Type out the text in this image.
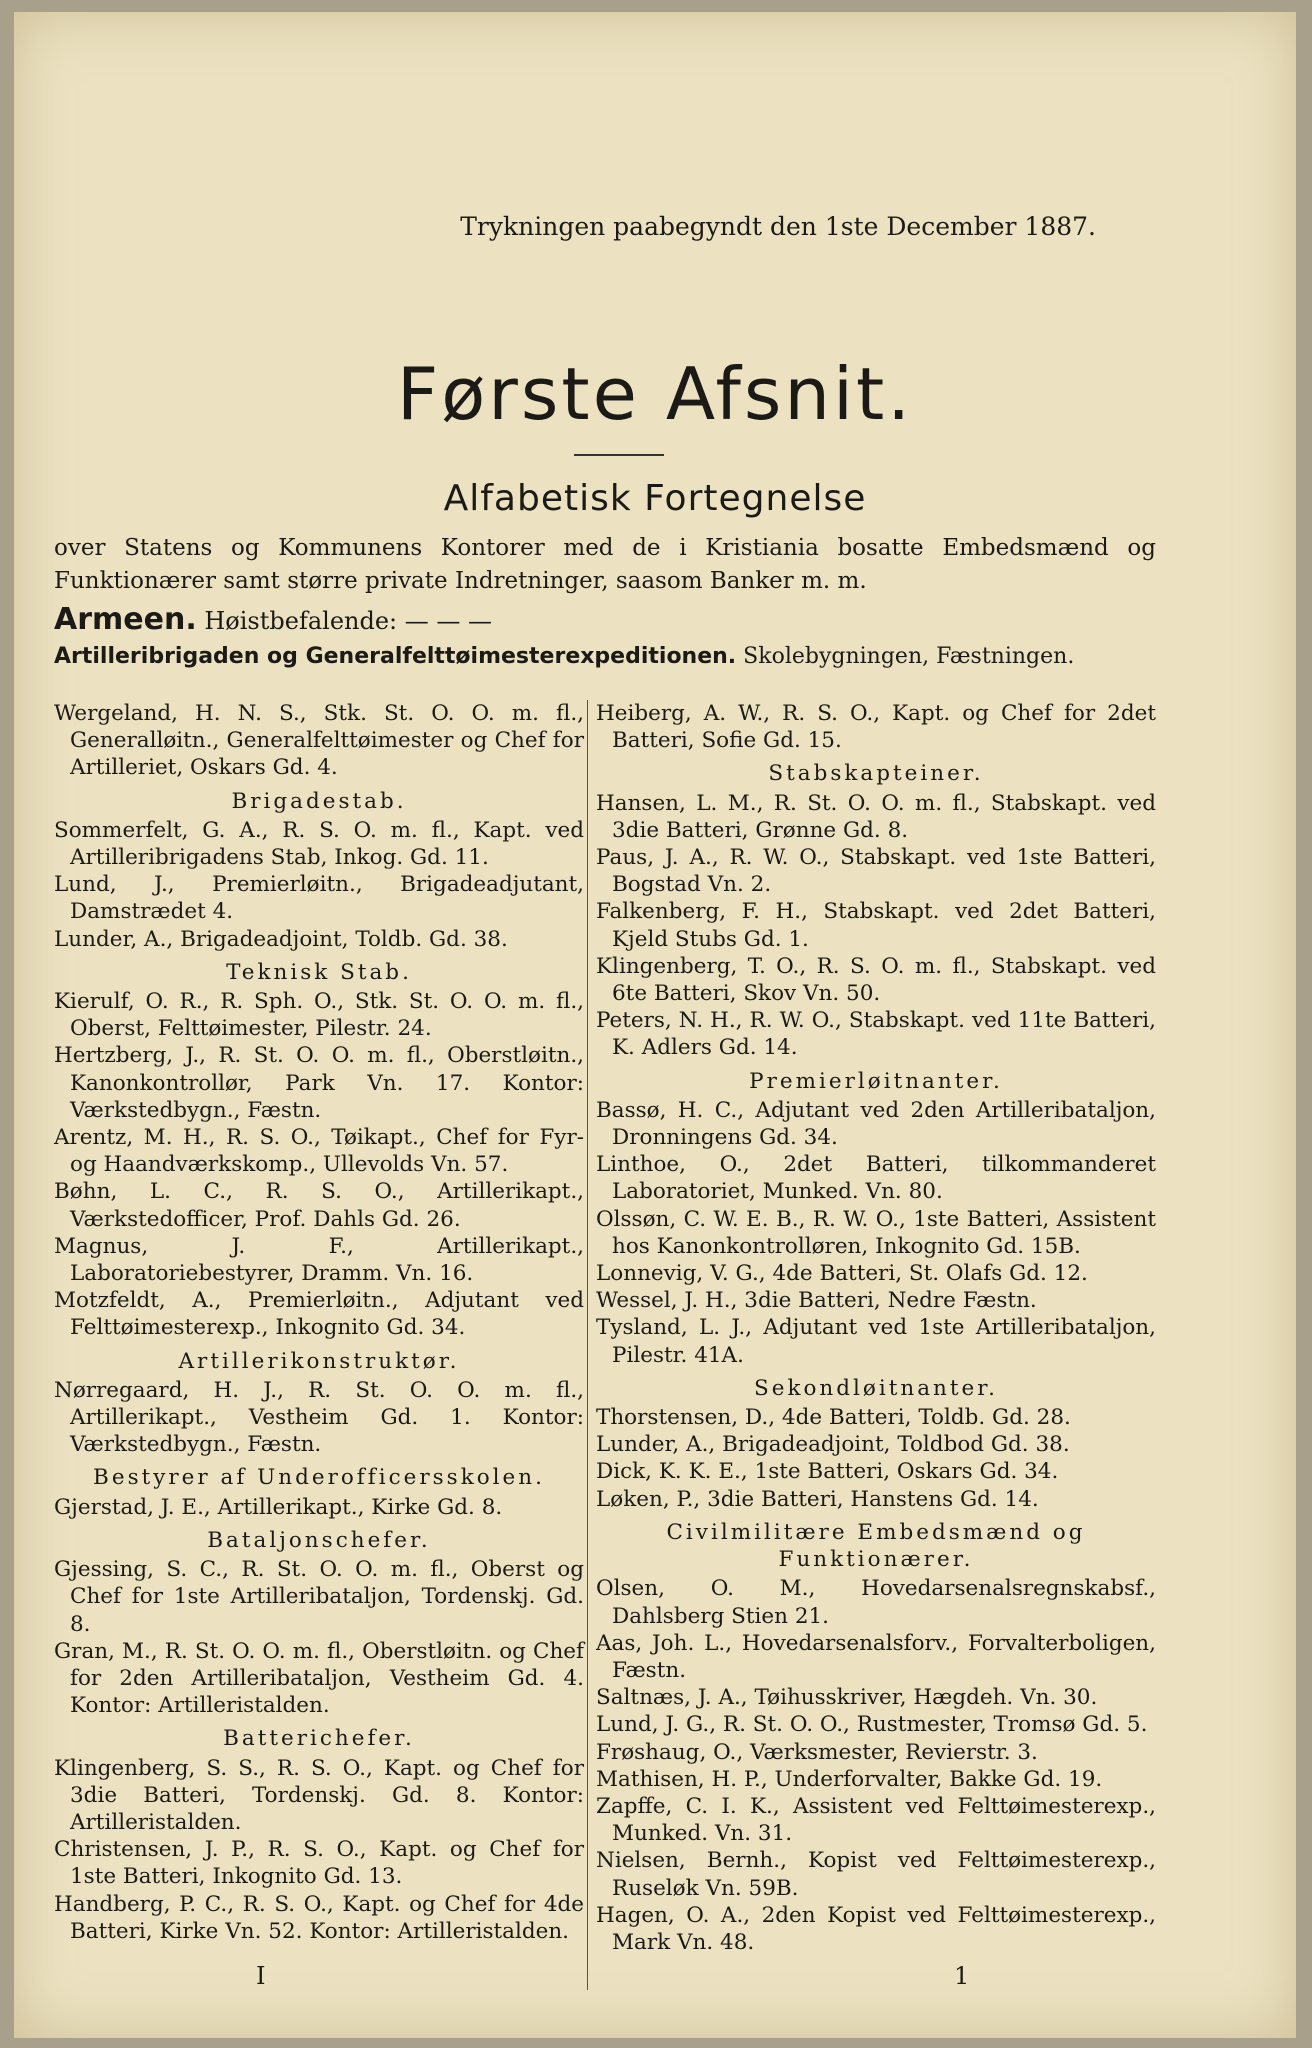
Trykningen paabegyndt den 1ste December 1887.
Første Afsnit.
Alfabetisk Fortegnelse
over Statens og Kommunens Kontorer med de i Kristiania bosatte Embedsmænd og Funktionærer samt større private Indretninger, saasom Banker m. m.
Armeen. Høistbefalende: — — —
Artilleribrigaden og Generalfelttøimesterexpeditionen. Skolebygningen, Fæstningen.

Wergeland, H. N. S., Stk. St. O. O. m. fl., Generalløitn., Generalfelttøimester og Chef for Artilleriet, Oskars Gd. 4.

Brigadestab.

Sommerfelt, G. A., R. S. O. m. fl., Kapt. ved Artilleribrigadens Stab, Inkog. Gd. 11.

Lund, J., Premierløitn., Brigadeadjutant, Damstrædet 4.

Lunder, A., Brigadeadjoint, Toldb. Gd. 38.

Teknisk Stab.

Kierulf, O. R., R. Sph. O., Stk. St. O. O. m. fl., Oberst, Felttøimester, Pilestr. 24.

Hertzberg, J., R. St. O. O. m. fl., Oberstløitn., Kanonkontrollør, Park Vn. 17. Kontor: Værkstedbygn., Fæstn.

Arentz, M. H., R. S. O., Tøikapt., Chef for Fyr- og Haandværkskomp., Ullevolds Vn. 57.

Bøhn, L. C., R. S. O., Artillerikapt., Værkstedofficer, Prof. Dahls Gd. 26.

Magnus, J. F., Artillerikapt., Laboratoriebestyrer, Dramm. Vn. 16.

Motzfeldt, A., Premierløitn., Adjutant ved Felttøimesterexp., Inkognito Gd. 34.

Artillerikonstruktør.

Nørregaard, H. J., R. St. O. O. m. fl., Artillerikapt., Vestheim Gd. 1. Kontor: Værkstedbygn., Fæstn.

Bestyrer af Underofficersskolen.

Gjerstad, J. E., Artillerikapt., Kirke Gd. 8.

Bataljonschefer.

Gjessing, S. C., R. St. O. O. m. fl., Oberst og Chef for 1ste Artilleribataljon, Tordenskj. Gd. 8.

Gran, M., R. St. O. O. m. fl., Oberstløitn. og Chef for 2den Artilleribataljon, Vestheim Gd. 4. Kontor: Artilleristalden.

Batterichefer.

Klingenberg, S. S., R. S. O., Kapt. og Chef for 3die Batteri, Tordenskj. Gd. 8. Kontor: Artilleristalden.

Christensen, J. P., R. S. O., Kapt. og Chef for 1ste Batteri, Inkognito Gd. 13.

Handberg, P. C., R. S. O., Kapt. og Chef for 4de Batteri, Kirke Vn. 52. Kontor: Artilleristalden.

Heiberg, A. W., R. S. O., Kapt. og Chef for 2det Batteri, Sofie Gd. 15.

Stabskapteiner.

Hansen, L. M., R. St. O. O. m. fl., Stabskapt. ved 3die Batteri, Grønne Gd. 8.

Paus, J. A., R. W. O., Stabskapt. ved 1ste Batteri, Bogstad Vn. 2.

Falkenberg, F. H., Stabskapt. ved 2det Batteri, Kjeld Stubs Gd. 1.

Klingenberg, T. O., R. S. O. m. fl., Stabskapt. ved 6te Batteri, Skov Vn. 50.

Peters, N. H., R. W. O., Stabskapt. ved 11te Batteri, K. Adlers Gd. 14.

Premierløitnanter.

Bassø, H. C., Adjutant ved 2den Artilleribataljon, Dronningens Gd. 34.

Linthoe, O., 2det Batteri, tilkommanderet Laboratoriet, Munked. Vn. 80.

Olssøn, C. W. E. B., R. W. O., 1ste Batteri, Assistent hos Kanonkontrolløren, Inkognito Gd. 15B.

Lonnevig, V. G., 4de Batteri, St. Olafs Gd. 12.

Wessel, J. H., 3die Batteri, Nedre Fæstn.

Tysland, L. J., Adjutant ved 1ste Artilleribataljon, Pilestr. 41A.

Sekondløitnanter.

Thorstensen, D., 4de Batteri, Toldb. Gd. 28.

Lunder, A., Brigadeadjoint, Toldbod Gd. 38.

Dick, K. K. E., 1ste Batteri, Oskars Gd. 34.

Løken, P., 3die Batteri, Hanstens Gd. 14.

Civilmilitære Embedsmænd og Funktionærer.

Olsen, O. M., Hovedarsenalsregnskabsf., Dahlsberg Stien 21.

Aas, Joh. L., Hovedarsenalsforv., Forvalterboligen, Fæstn.

Saltnæs, J. A., Tøihusskriver, Hægdeh. Vn. 30.

Lund, J. G., R. St. O. O., Rustmester, Tromsø Gd. 5.

Frøshaug, O., Værksmester, Revierstr. 3.

Mathisen, H. P., Underforvalter, Bakke Gd. 19.

Zapffe, C. I. K., Assistent ved Felttøimesterexp., Munked. Vn. 31.

Nielsen, Bernh., Kopist ved Felttøimesterexp., Ruseløk Vn. 59B.

Hagen, O. A., 2den Kopist ved Felttøimesterexp., Mark Vn. 48.

I	1
